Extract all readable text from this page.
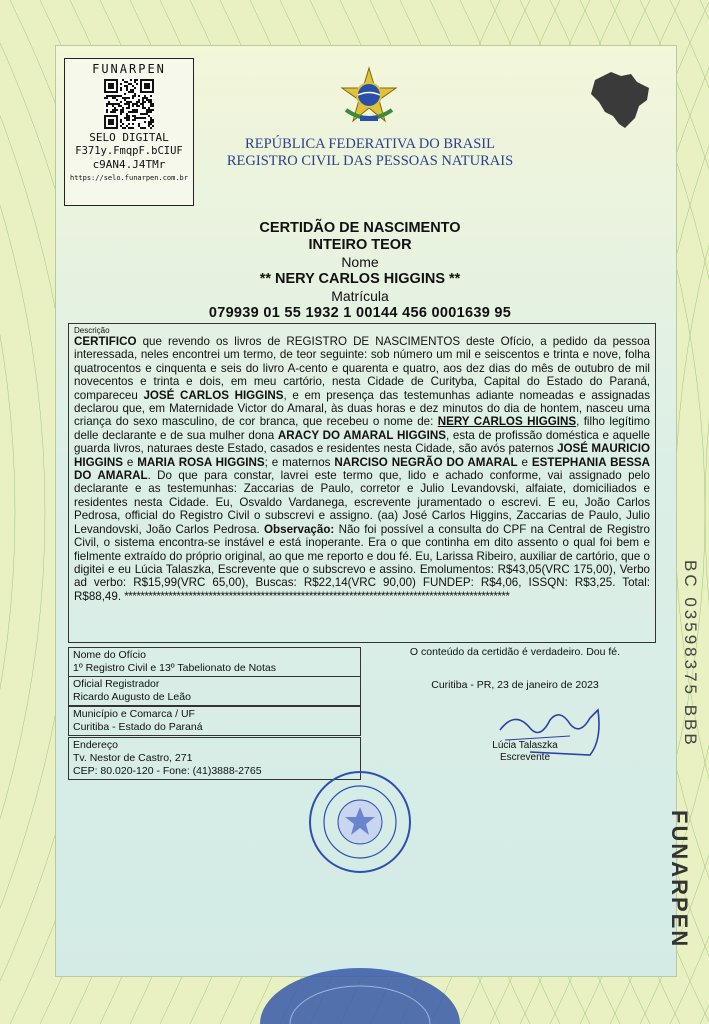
FUNARPEN
SELO DIGITAL
F371y.FmqpF.bCIUF
c9AN4.J4TMr
https://selo.funarpen.com.br
REPÚBLICA FEDERATIVA DO BRASIL
REGISTRO CIVIL DAS PESSOAS NATURAIS
CERTIDÃO DE NASCIMENTO
INTEIRO TEOR
Nome
** NERY CARLOS HIGGINS **
Matrícula
079939 01 55 1932 1 00144 456 0001639 95
Descrição
CERTIFICO que revendo os livros de REGISTRO DE NASCIMENTOS deste Ofício, a pedido da pessoa interessada, neles encontrei um termo, de teor seguinte: sob número um mil e seiscentos e trinta e nove, folha quatrocentos e cinquenta e seis do livro A-cento e quarenta e quatro, aos dez dias do mês de outubro de mil novecentos e trinta e dois, em meu cartório, nesta Cidade de Curityba, Capital do Estado do Paraná, compareceu JOSÉ CARLOS HIGGINS, e em presença das testemunhas adiante nomeadas e assignadas declarou que, em Maternidade Victor do Amaral, às duas horas e dez minutos do dia de hontem, nasceu uma criança do sexo masculino, de cor branca, que recebeu o nome de: NERY CARLOS HIGGINS, filho legítimo delle declarante e de sua mulher dona ARACY DO AMARAL HIGGINS, esta de profissão doméstica e aquelle guarda livros, naturaes deste Estado, casados e residentes nesta Cidade, são avós paternos JOSÉ MAURICIO HIGGINS e MARIA ROSA HIGGINS; e maternos NARCISO NEGRÃO DO AMARAL e ESTEPHANIA BESSA DO AMARAL. Do que para constar, lavrei este termo que, lido e achado conforme, vai assignado pelo declarante e as testemunhas: Zaccarias de Paulo, corretor e Julio Levandovski, alfaiate, domiciliados e residentes nesta Cidade. Eu, Osvaldo Vardanega, escrevente juramentado o escrevi. E eu, João Carlos Pedrosa, official do Registro Civil o subscrevi e assigno. (aa) José Carlos Higgins, Zaccarias de Paulo, Julio Levandovski, João Carlos Pedrosa. Observação: Não foi possível a consulta do CPF na Central de Registro Civil, o sistema encontra-se instável e está inoperante. Era o que continha em dito assento o qual foi bem e fielmente extraído do próprio original, ao que me reporto e dou fé. Eu, Larissa Ribeiro, auxiliar de cartório, que o digitei e eu Lúcia Talaszka, Escrevente que o subscrevo e assino. Emolumentos: R$43,05(VRC 175,00), Verbo ad verbo: R$15,99(VRC 65,00), Buscas: R$22,14(VRC 90,00) FUNDEP: R$4,06, ISSQN: R$3,25. Total: R$88,49. ************************************************************************************************
Nome do Ofício
1º Registro Civil e 13º Tabelionato de Notas
Oficial Registrador
Ricardo Augusto de Leão
Município e Comarca / UF
Curitiba - Estado do Paraná
Endereço
Tv. Nestor de Castro, 271
CEP: 80.020-120 - Fone: (41)3888-2765
O conteúdo da certidão é verdadeiro. Dou fé.
Curitiba - PR, 23 de janeiro de 2023
Lúcia Talaszka
Escrevente
BC 03598375 BBB
FUNARPEN
